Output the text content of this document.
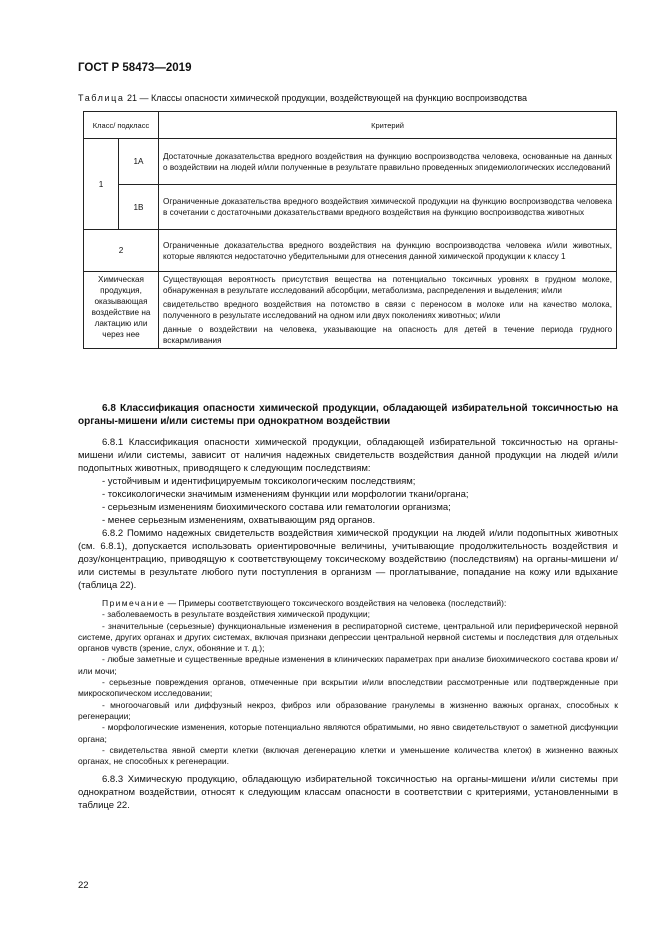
ГОСТ Р 58473—2019
Таблица 21 — Классы опасности химической продукции, воздействующей на функцию воспроизводства
Класс/ подкласс		Критерий
1	1А	Достаточные доказательства вредного воздействия на функцию воспроизводства человека, основанные на данных о воздействии на людей и/или полученные в результате правильно проведенных эпидемиологических исследований
	1В	Ограниченные доказательства вредного воздействия химической продукции на функцию воспроизводства человека в сочетании с достаточными доказательствами вредного воздействия на функцию воспроизводства животных
2		Ограниченные доказательства вредного воздействия на функцию воспроизводства человека и/или животных, которые являются недостаточно убедительными для отнесения данной химической продукции к классу 1
Химическая продукция, оказывающая воздействие на лактацию или через нее		Существующая вероятность присутствия вещества на потенциально токсичных уровнях в грудном молоке, обнаруженная в результате исследований абсорбции, метаболизма, распределения и выделения; и/или

свидетельство вредного воздействия на потомство в связи с переносом в молоке или на качество молока, полученного в результате исследований на одном или двух поколениях животных; и/или

данные о воздействии на человека, указывающие на опасность для детей в течение периода грудного вскармливания

6.8 Классификация опасности химической продукции, обладающей избирательной токсичностью на органы-мишени и/или системы при однократном воздействии

6.8.1 Классификация опасности химической продукции, обладающей избирательной токсичностью на органы-мишени и/или системы, зависит от наличия надежных свидетельств воздействия данной продукции на людей и/или подопытных животных, приводящего к следующим последствиям:

- устойчивым и идентифицируемым токсикологическим последствиям;

- токсикологически значимым изменениям функции или морфологии ткани/органа;

- серьезным изменениям биохимического состава или гематологии организма;

- менее серьезным изменениям, охватывающим ряд органов.

6.8.2 Помимо надежных свидетельств воздействия химической продукции на людей и/или подопытных животных (см. 6.8.1), допускается использовать ориентировочные величины, учитывающие продолжительность воздействия и дозу/концентрацию, приводящую к соответствующему токсическому воздействию (последствиям) на органы-мишени и/или системы в результате любого пути поступления в организм — проглатывание, попадание на кожу или вдыхание (таблица 22).

Примечание — Примеры соответствующего токсического воздействия на человека (последствий):

- заболеваемость в результате воздействия химической продукции;

- значительные (серьезные) функциональные изменения в респираторной системе, центральной или периферической нервной системе, других органах и других системах, включая признаки депрессии центральной нервной системы и последствия для отдельных органов чувств (зрение, слух, обоняние и т. д.);

- любые заметные и существенные вредные изменения в клинических параметрах при анализе биохимического состава крови и/или мочи;

- серьезные повреждения органов, отмеченные при вскрытии и/или впоследствии рассмотренные или подтвержденные при микроскопическом исследовании;

- многоочаговый или диффузный некроз, фиброз или образование гранулемы в жизненно важных органах, способных к регенерации;

- морфологические изменения, которые потенциально являются обратимыми, но явно свидетельствуют о заметной дисфункции органа;

- свидетельства явной смерти клетки (включая дегенерацию клетки и уменьшение количества клеток) в жизненно важных органах, не способных к регенерации.

6.8.3 Химическую продукцию, обладающую избирательной токсичностью на органы-мишени и/или системы при однократном воздействии, относят к следующим классам опасности в соответствии с критериями, установленными в таблице 22.

22
